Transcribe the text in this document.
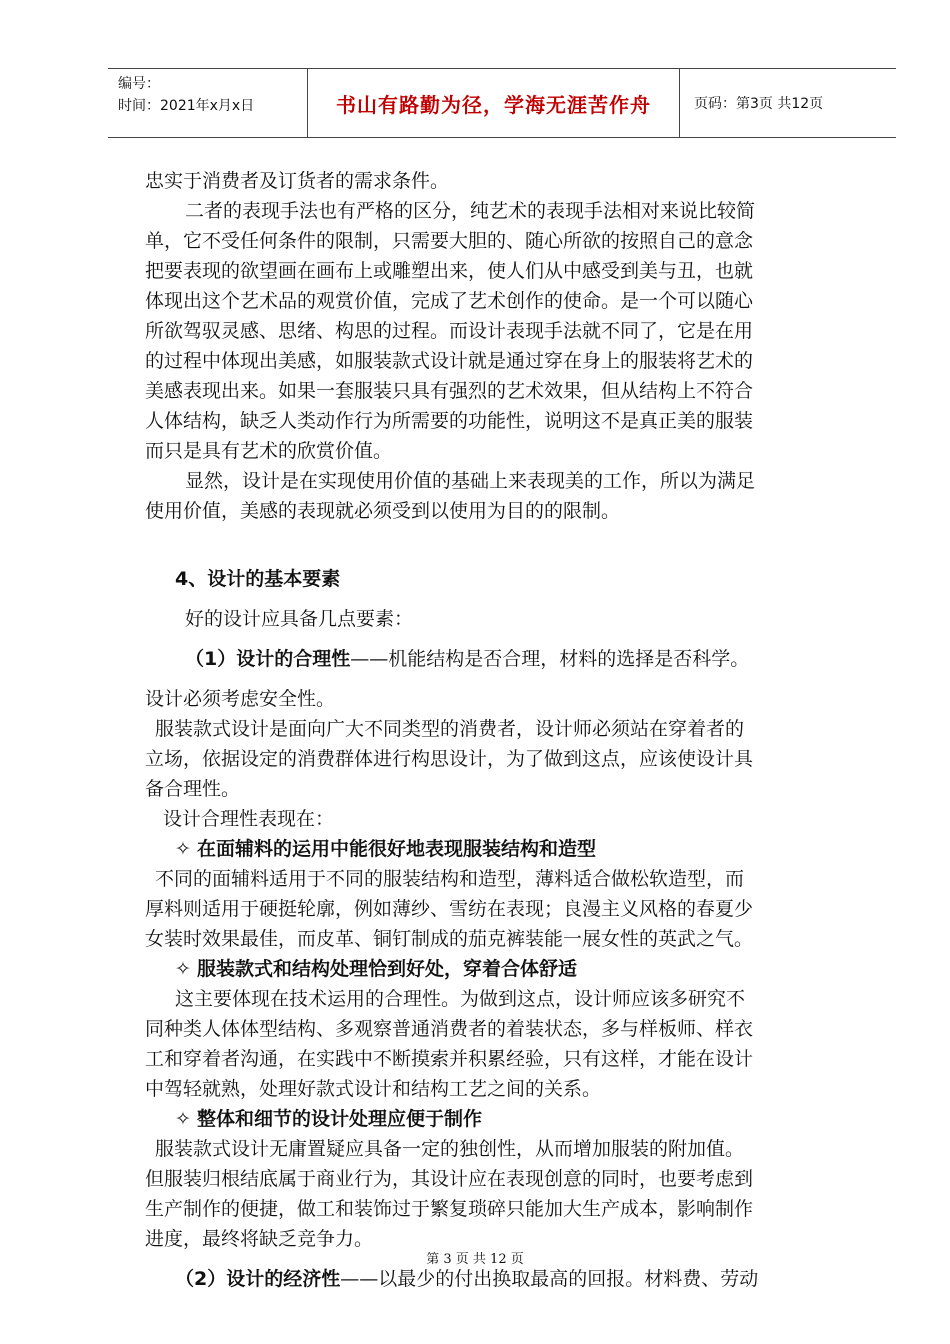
编号：
时间：2021年x月x日	书山有路勤为径，学海无涯苦作舟	页码：第3页 共12页
忠实于消费者及订货者的需求条件。
二者的表现手法也有严格的区分，纯艺术的表现手法相对来说比较简
单，它不受任何条件的限制，只需要大胆的、随心所欲的按照自己的意念
把要表现的欲望画在画布上或雕塑出来，使人们从中感受到美与丑，也就
体现出这个艺术品的观赏价值，完成了艺术创作的使命。是一个可以随心
所欲驾驭灵感、思绪、构思的过程。而设计表现手法就不同了，它是在用
的过程中体现出美感，如服装款式设计就是通过穿在身上的服装将艺术的
美感表现出来。如果一套服装只具有强烈的艺术效果，但从结构上不符合
人体结构，缺乏人类动作行为所需要的功能性，说明这不是真正美的服装
而只是具有艺术的欣赏价值。
显然，设计是在实现使用价值的基础上来表现美的工作，所以为满足
使用价值，美感的表现就必须受到以使用为目的的限制。
4、设计的基本要素
好的设计应具备几点要素：
（1）设计的合理性——机能结构是否合理，材料的选择是否科学。
设计必须考虑安全性。
服装款式设计是面向广大不同类型的消费者，设计师必须站在穿着者的
立场，依据设定的消费群体进行构思设计，为了做到这点，应该使设计具
备合理性。
设计合理性表现在：
✧ 在面辅料的运用中能很好地表现服装结构和造型
不同的面辅料适用于不同的服装结构和造型，薄料适合做松软造型，而
厚料则适用于硬挺轮廓，例如薄纱、雪纺在表现；良漫主义风格的春夏少
女装时效果最佳，而皮革、铜钉制成的茄克裤装能一展女性的英武之气。
✧ 服装款式和结构处理恰到好处，穿着合体舒适
这主要体现在技术运用的合理性。为做到这点，设计师应该多研究不
同种类人体体型结构、多观察普通消费者的着装状态，多与样板师、样衣
工和穿着者沟通，在实践中不断摸索并积累经验，只有这样，才能在设计
中驾轻就熟，处理好款式设计和结构工艺之间的关系。
✧ 整体和细节的设计处理应便于制作
服装款式设计无庸置疑应具备一定的独创性，从而增加服装的附加值。
但服装归根结底属于商业行为，其设计应在表现创意的同时，也要考虑到
生产制作的便捷，做工和装饰过于繁复琐碎只能加大生产成本，影响制作
进度，最终将缺乏竞争力。
（2）设计的经济性——以最少的付出换取最高的回报。材料费、劳动
第 3 页 共 12 页
